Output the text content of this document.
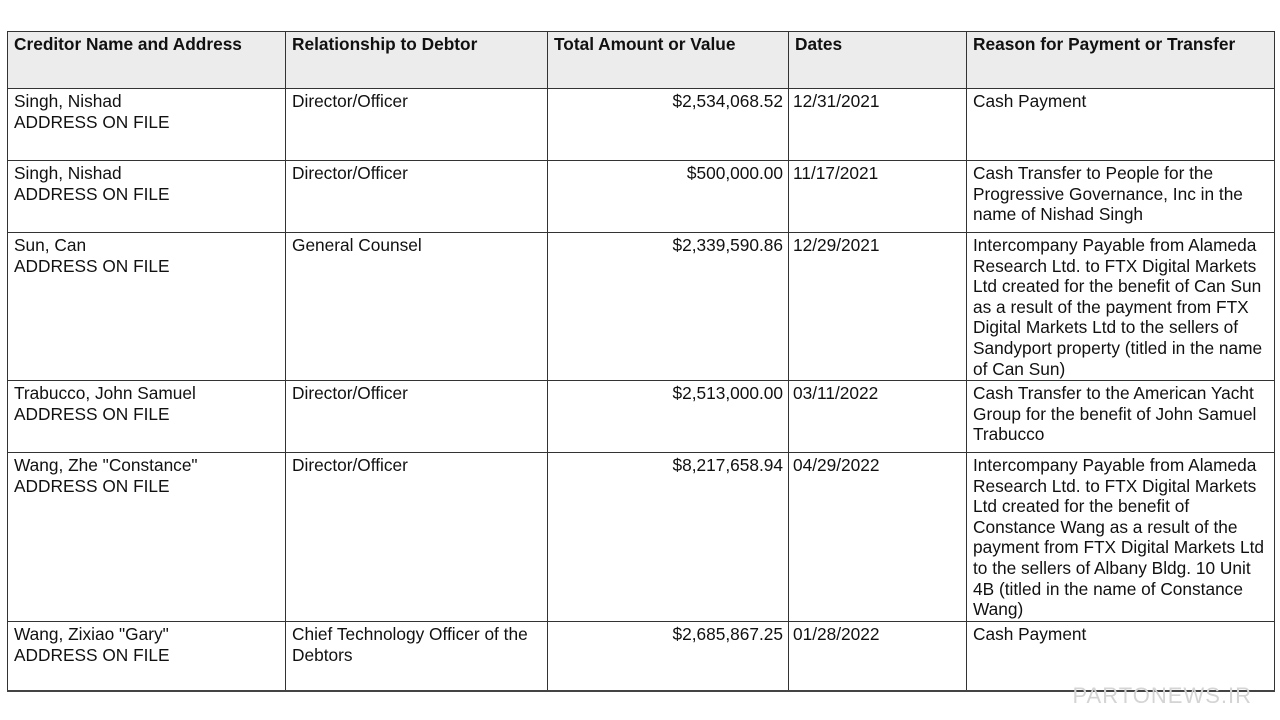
Creditor Name and Address	Relationship to Debtor	Total Amount or Value	Dates	Reason for Payment or Transfer

Singh, Nishad
ADDRESS ON FILE	Director/Officer	$2,534,068.52	12/31/2021	Cash Payment

Singh, Nishad
ADDRESS ON FILE	Director/Officer	$500,000.00	11/17/2021	Cash Transfer to People for the Progressive Governance, Inc in the name of Nishad Singh

Sun, Can
ADDRESS ON FILE	General Counsel	$2,339,590.86	12/29/2021	Intercompany Payable from Alameda Research Ltd. to FTX Digital Markets Ltd created for the benefit of Can Sun as a result of the payment from FTX Digital Markets Ltd to the sellers of Sandyport property (titled in the name of Can Sun)

Trabucco, John Samuel
ADDRESS ON FILE	Director/Officer	$2,513,000.00	03/11/2022	Cash Transfer to the American Yacht Group for the benefit of John Samuel Trabucco

Wang, Zhe "Constance"
ADDRESS ON FILE	Director/Officer	$8,217,658.94	04/29/2022	Intercompany Payable from Alameda Research Ltd. to FTX Digital Markets Ltd created for the benefit of Constance Wang as a result of the payment from FTX Digital Markets Ltd to the sellers of Albany Bldg. 10 Unit 4B (titled in the name of Constance Wang)

Wang, Zixiao "Gary"
ADDRESS ON FILE	Chief Technology Officer of the Debtors	$2,685,867.25	01/28/2022	Cash Payment
PARTONEWS.IR
